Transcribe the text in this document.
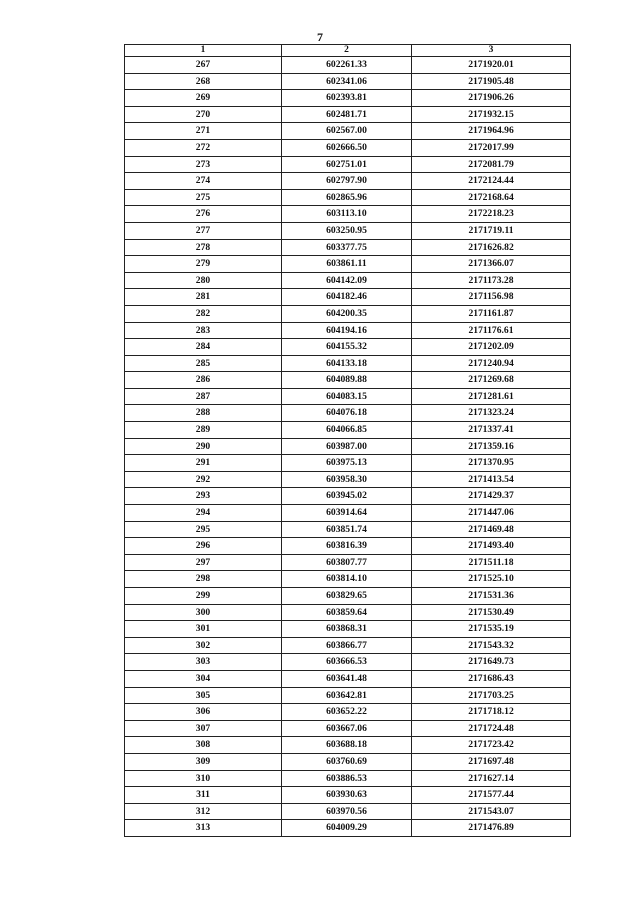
7
1	2	3
267	602261.33	2171920.01
268	602341.06	2171905.48
269	602393.81	2171906.26
270	602481.71	2171932.15
271	602567.00	2171964.96
272	602666.50	2172017.99
273	602751.01	2172081.79
274	602797.90	2172124.44
275	602865.96	2172168.64
276	603113.10	2172218.23
277	603250.95	2171719.11
278	603377.75	2171626.82
279	603861.11	2171366.07
280	604142.09	2171173.28
281	604182.46	2171156.98
282	604200.35	2171161.87
283	604194.16	2171176.61
284	604155.32	2171202.09
285	604133.18	2171240.94
286	604089.88	2171269.68
287	604083.15	2171281.61
288	604076.18	2171323.24
289	604066.85	2171337.41
290	603987.00	2171359.16
291	603975.13	2171370.95
292	603958.30	2171413.54
293	603945.02	2171429.37
294	603914.64	2171447.06
295	603851.74	2171469.48
296	603816.39	2171493.40
297	603807.77	2171511.18
298	603814.10	2171525.10
299	603829.65	2171531.36
300	603859.64	2171530.49
301	603868.31	2171535.19
302	603866.77	2171543.32
303	603666.53	2171649.73
304	603641.48	2171686.43
305	603642.81	2171703.25
306	603652.22	2171718.12
307	603667.06	2171724.48
308	603688.18	2171723.42
309	603760.69	2171697.48
310	603886.53	2171627.14
311	603930.63	2171577.44
312	603970.56	2171543.07
313	604009.29	2171476.89
